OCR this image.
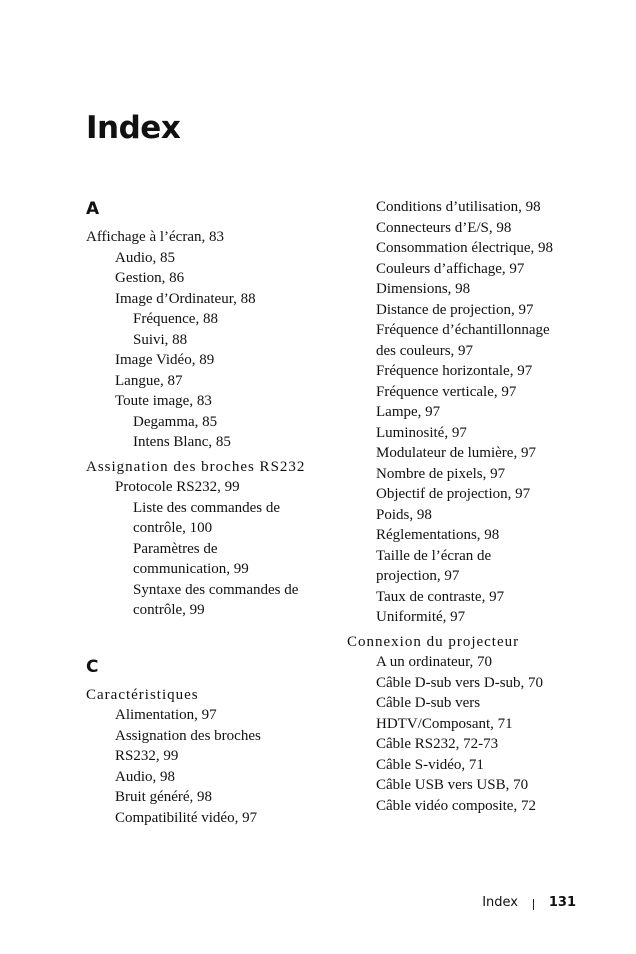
Index
A
Affichage à l’écran, 83
Audio, 85
Gestion, 86
Image d’Ordinateur, 88
Fréquence, 88
Suivi, 88
Image Vidéo, 89
Langue, 87
Toute image, 83
Degamma, 85
Intens Blanc, 85
Assignation des broches RS232
Protocole RS232, 99
Liste des commandes de
contrôle, 100
Paramètres de
communication, 99
Syntaxe des commandes de
contrôle, 99
C
Caractéristiques
Alimentation, 97
Assignation des broches
RS232, 99
Audio, 98
Bruit généré, 98
Compatibilité vidéo, 97
Conditions d’utilisation, 98
Connecteurs d’E/S, 98
Consommation électrique, 98
Couleurs d’affichage, 97
Dimensions, 98
Distance de projection, 97
Fréquence d’échantillonnage
des couleurs, 97
Fréquence horizontale, 97
Fréquence verticale, 97
Lampe, 97
Luminosité, 97
Modulateur de lumière, 97
Nombre de pixels, 97
Objectif de projection, 97
Poids, 98
Réglementations, 98
Taille de l’écran de
projection, 97
Taux de contraste, 97
Uniformité, 97
Connexion du projecteur
A un ordinateur, 70
Câble D-sub vers D-sub, 70
Câble D-sub vers
HDTV/Composant, 71
Câble RS232, 72-73
Câble S-vidéo, 71
Câble USB vers USB, 70
Câble vidéo composite, 72
Index 131
